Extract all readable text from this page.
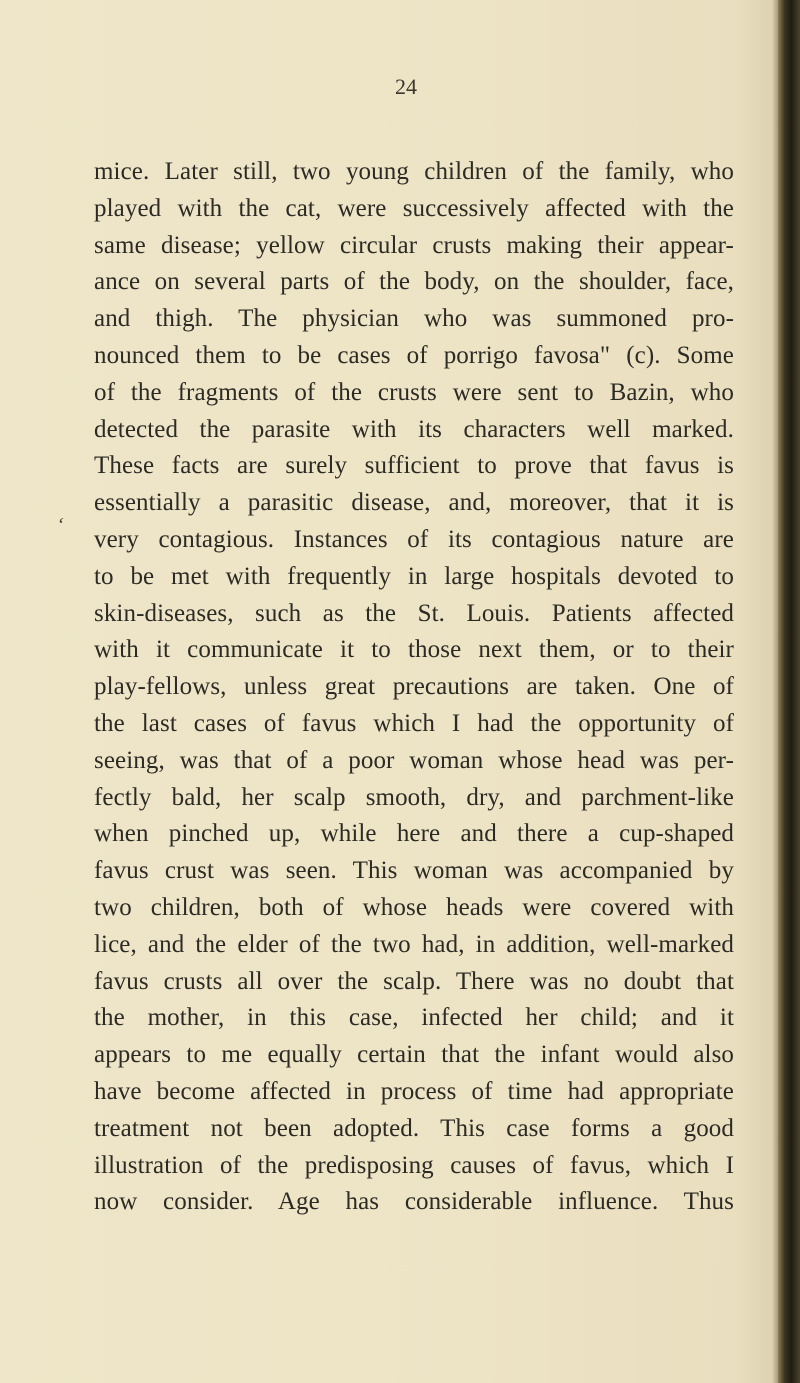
24
ʻ
mice. Later still, two young children of the family, who
played with the cat, were successively affected with the
same disease; yellow circular crusts making their appear-
ance on several parts of the body, on the shoulder, face,
and thigh. The physician who was summoned pro-
nounced them to be cases of porrigo favosa" (c). Some
of the fragments of the crusts were sent to Bazin, who
detected the parasite with its characters well marked.
These facts are surely sufficient to prove that favus is
essentially a parasitic disease, and, moreover, that it is
very contagious. Instances of its contagious nature are
to be met with frequently in large hospitals devoted to
skin-diseases, such as the St. Louis. Patients affected
with it communicate it to those next them, or to their
play-fellows, unless great precautions are taken. One of
the last cases of favus which I had the opportunity of
seeing, was that of a poor woman whose head was per-
fectly bald, her scalp smooth, dry, and parchment-like
when pinched up, while here and there a cup-shaped
favus crust was seen. This woman was accompanied by
two children, both of whose heads were covered with
lice, and the elder of the two had, in addition, well-marked
favus crusts all over the scalp. There was no doubt that
the mother, in this case, infected her child; and it
appears to me equally certain that the infant would also
have become affected in process of time had appropriate
treatment not been adopted. This case forms a good
illustration of the predisposing causes of favus, which I
now consider. Age has considerable influence. Thus
